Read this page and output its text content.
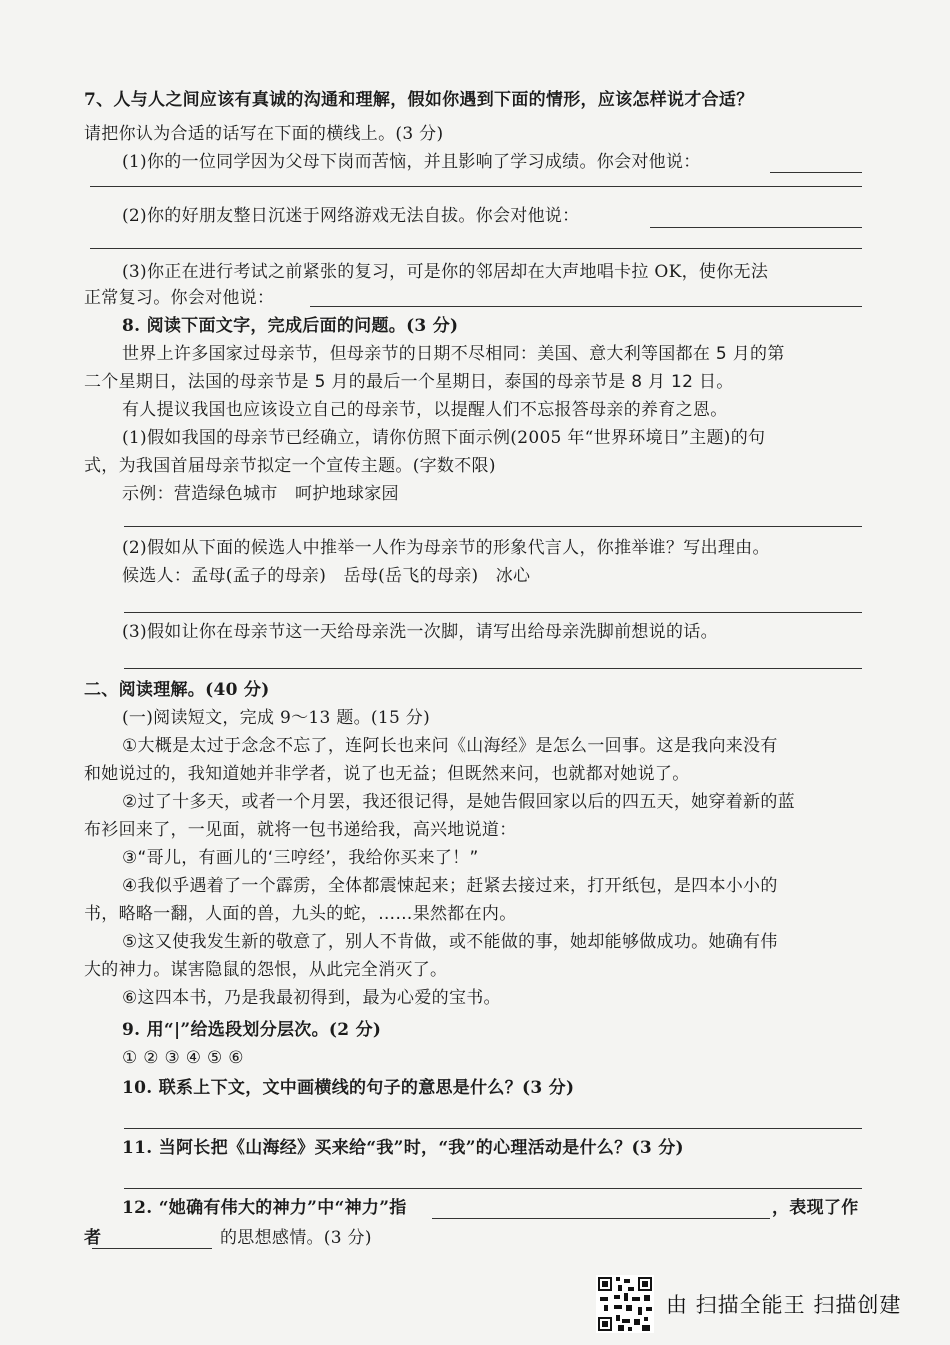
7、人与人之间应该有真诚的沟通和理解，假如你遇到下面的情形，应该怎样说才合适？
请把你认为合适的话写在下面的横线上。(3 分)
(1)你的一位同学因为父母下岗而苦恼，并且影响了学习成绩。你会对他说：
(2)你的好朋友整日沉迷于网络游戏无法自拔。你会对他说：
(3)你正在进行考试之前紧张的复习，可是你的邻居却在大声地唱卡拉 OK，使你无法
正常复习。你会对他说：
8. 阅读下面文字，完成后面的问题。(3 分)
世界上许多国家过母亲节，但母亲节的日期不尽相同：美国、意大利等国都在 5 月的第
二个星期日，法国的母亲节是 5 月的最后一个星期日，泰国的母亲节是 8 月 12 日。
有人提议我国也应该设立自己的母亲节，以提醒人们不忘报答母亲的养育之恩。
(1)假如我国的母亲节已经确立，请你仿照下面示例(2005 年“世界环境日”主题)的句
式，为我国首届母亲节拟定一个宣传主题。(字数不限)
示例：营造绿色城市　呵护地球家园
(2)假如从下面的候选人中推举一人作为母亲节的形象代言人，你推举谁？写出理由。
候选人：孟母(孟子的母亲)　岳母(岳飞的母亲)　冰心
(3)假如让你在母亲节这一天给母亲洗一次脚，请写出给母亲洗脚前想说的话。
二、阅读理解。(40 分)
(一)阅读短文，完成 9～13 题。(15 分)
①大概是太过于念念不忘了，连阿长也来问《山海经》是怎么一回事。这是我向来没有
和她说过的，我知道她并非学者，说了也无益；但既然来问，也就都对她说了。
②过了十多天，或者一个月罢，我还很记得，是她告假回家以后的四五天，她穿着新的蓝
布衫回来了，一见面，就将一包书递给我，高兴地说道：
③“哥儿，有画儿的‘三哼经’，我给你买来了！”
④我似乎遇着了一个霹雳，全体都震悚起来；赶紧去接过来，打开纸包，是四本小小的
书，略略一翻，人面的兽，九头的蛇，……果然都在内。
⑤这又使我发生新的敬意了，别人不肯做，或不能做的事，她却能够做成功。她确有伟
大的神力。谋害隐鼠的怨恨，从此完全消灭了。
⑥这四本书，乃是我最初得到，最为心爱的宝书。
9. 用“|”给选段划分层次。(2 分)
① ② ③ ④ ⑤ ⑥
10. 联系上下文，文中画横线的句子的意思是什么？(3 分)
11. 当阿长把《山海经》买来给“我”时，“我”的心理活动是什么？(3 分)
12. “她确有伟大的神力”中“神力”指	，表现了作
者	的思想感情。(3 分)
由 扫描全能王 扫描创建
